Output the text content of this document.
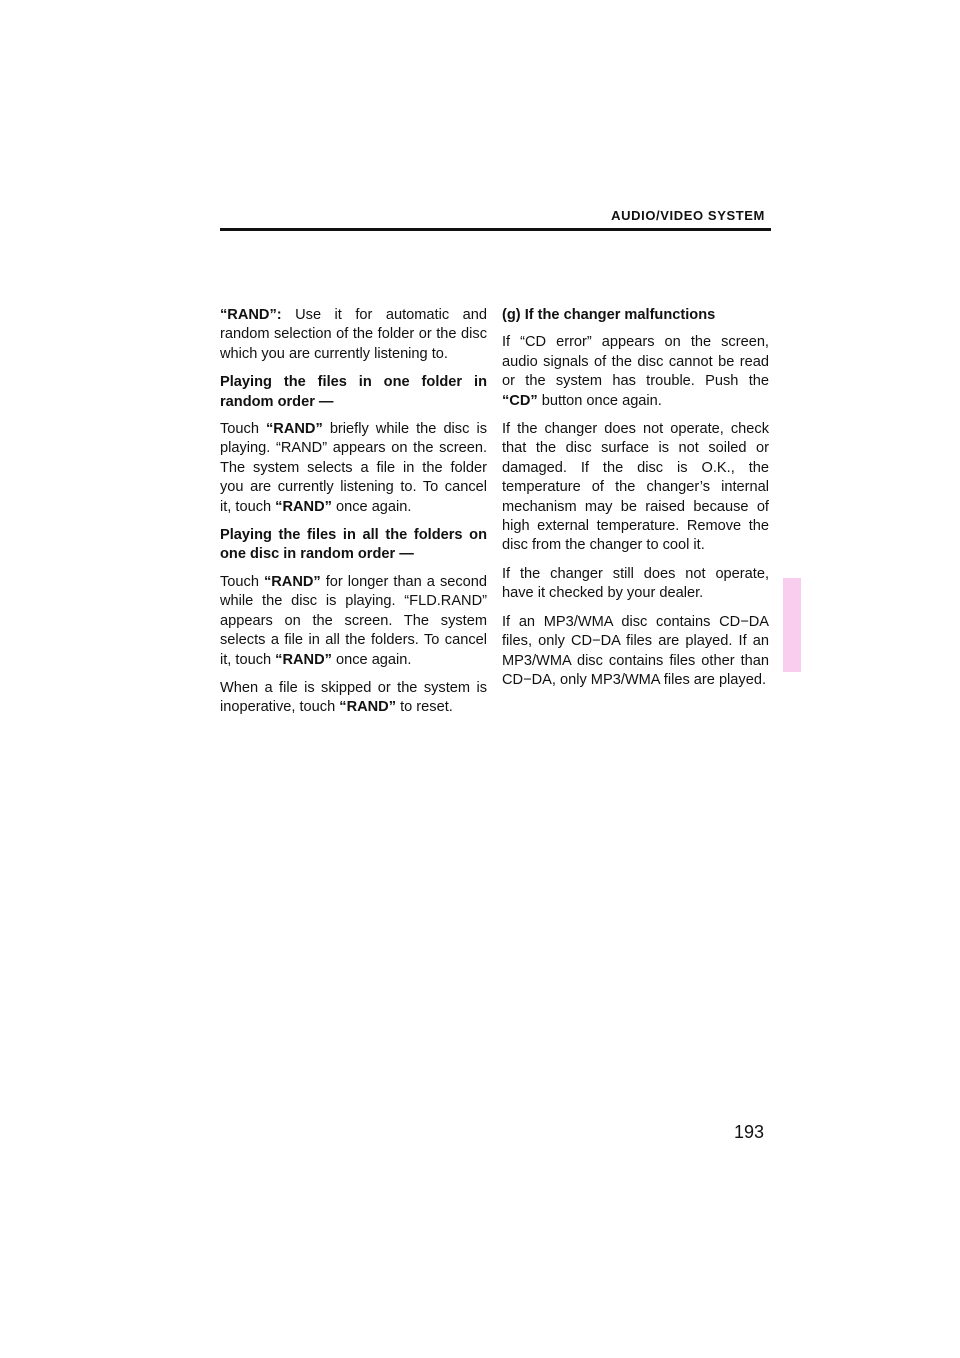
AUDIO/VIDEO SYSTEM

“RAND”: Use it for automatic and random selection of the folder or the disc which you are currently listening to.

Playing the files in one folder in random order —

Touch “RAND” briefly while the disc is playing. “RAND” appears on the screen. The system selects a file in the folder you are currently listening to. To cancel it, touch “RAND” once again.

Playing the files in all the folders on one disc in random order —

Touch “RAND” for longer than a second while the disc is playing. “FLD.RAND” appears on the screen. The system selects a file in all the folders. To cancel it, touch “RAND” once again.

When a file is skipped or the system is inoperative, touch “RAND” to reset.

(g) If the changer malfunctions

If “CD error” appears on the screen, audio signals of the disc cannot be read or the system has trouble. Push the “CD” button once again.

If the changer does not operate, check that the disc surface is not soiled or damaged. If the disc is O.K., the temperature of the changer’s internal mechanism may be raised because of high external temperature. Remove the disc from the changer to cool it.

If the changer still does not operate, have it checked by your dealer.

If an MP3/WMA disc contains CD−DA files, only CD−DA files are played. If an MP3/WMA disc contains files other than CD−DA, only MP3/WMA files are played.

193
